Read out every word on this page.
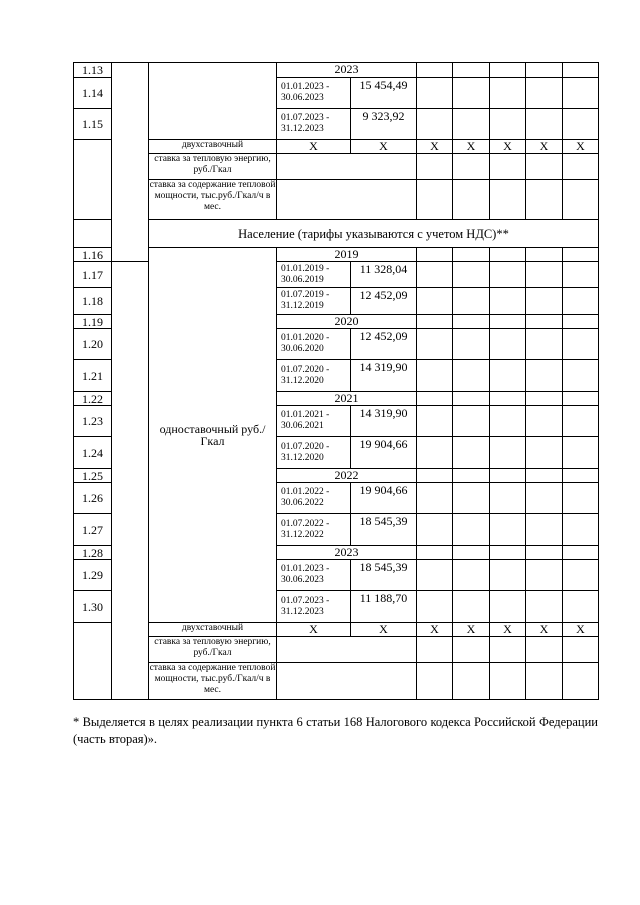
1.13			2023						
1.14			01.01.2023 - 30.06.2023	15 454,49					
1.15			01.07.2023 - 31.12.2023	9 323,92					
		двухставочный	X	X	X	X	X	X	X
		ставка за тепловую энергию, руб./Гкал							
		ставка за содержание тепловой мощности, тыс.руб./Гкал/ч в мес.							
		Население (тарифы указываются с учетом НДС)**							
1.16		одноставочный руб./Гкал	2019						
1.17			01.01.2019 - 30.06.2019	11 328,04					
1.18			01.07.2019 - 31.12.2019	12 452,09					
1.19			2020						
1.20			01.01.2020 - 30.06.2020	12 452,09					
1.21			01.07.2020 - 31.12.2020	14 319,90					
1.22			2021						
1.23			01.01.2021 - 30.06.2021	14 319,90					
1.24			01.07.2020 - 31.12.2020	19 904,66					
1.25			2022						
1.26			01.01.2022 - 30.06.2022	19 904,66					
1.27			01.07.2022 - 31.12.2022	18 545,39					
1.28			2023						
1.29			01.01.2023 - 30.06.2023	18 545,39					
1.30			01.07.2023 - 31.12.2023	11 188,70					
		двухставочный	X	X	X	X	X	X	X
		ставка за тепловую энергию, руб./Гкал							
		ставка за содержание тепловой мощности, тыс.руб./Гкал/ч в мес.							
* Выделяется в целях реализации пункта 6 статьи 168 Налогового кодекса Российской Федерации (часть вторая)».
